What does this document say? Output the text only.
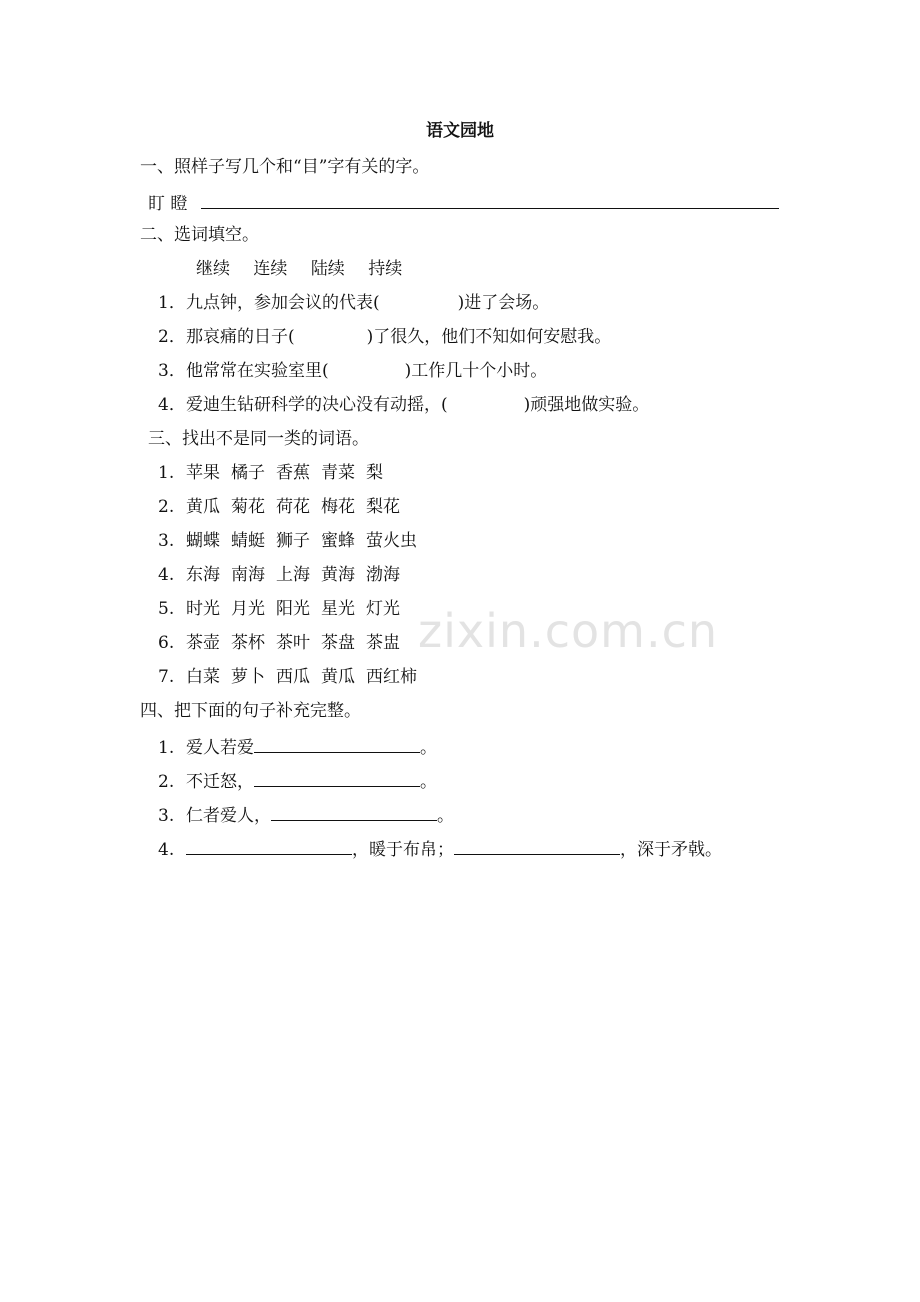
语文园地
一、照样子写几个和“目”字有关的字。
盯 瞪
二、选词填空。
继续 连续 陆续 持续
1．九点钟，参加会议的代表(	)进了会场。
2．那哀痛的日子(	)了很久，他们不知如何安慰我。
3．他常常在实验室里(	)工作几十个小时。
4．爱迪生钻研科学的决心没有动摇，(	)顽强地做实验。
三、找出不是同一类的词语。
1. 苹果 橘子 香蕉 青菜 梨
2. 黄瓜 菊花 荷花 梅花 梨花
3. 蝴蝶 蜻蜓 狮子 蜜蜂 萤火虫
4. 东海 南海 上海 黄海 渤海
5. 时光 月光 阳光 星光 灯光
6. 茶壶 茶杯 茶叶 茶盘 茶盅
7. 白菜 萝卜 西瓜 黄瓜 西红柿
四、把下面的句子补充完整。
1. 爱人若爱	。
2. 不迁怒，	。
3. 仁者爱人，	。
4.	，暖于布帛；	，深于矛戟。
zixin.com.cn
